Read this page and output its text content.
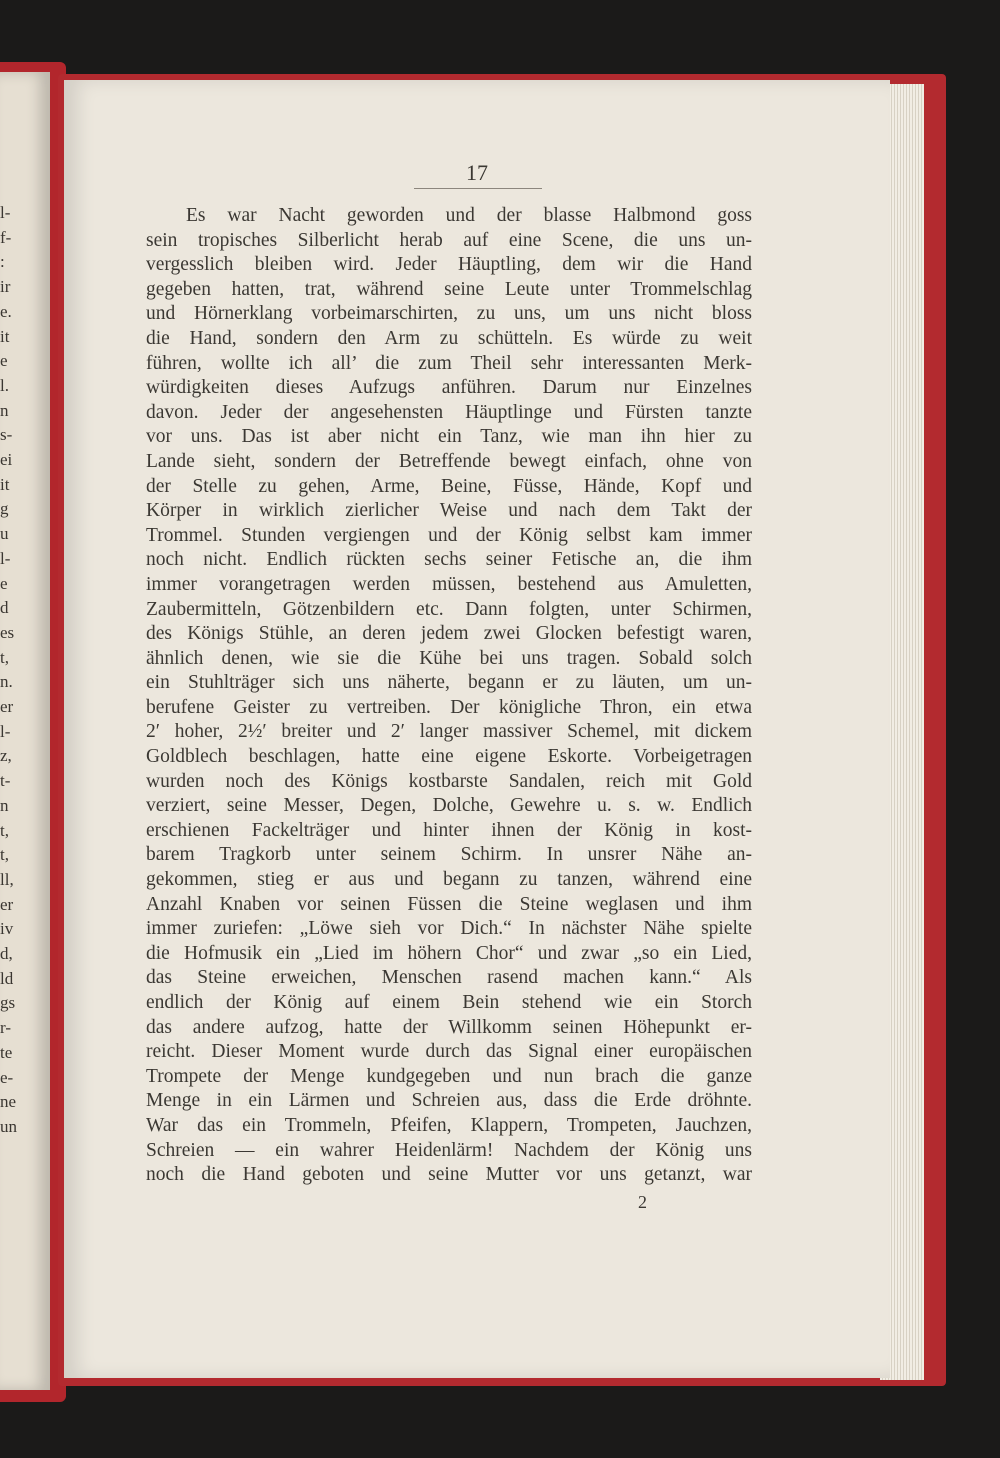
l-
f-
:
ir
e.
it
e
l.
n
s-
ei
it
g
u
l-
e
d
es
t,
n.
er
l-
z,
t-
n
t,
t,
ll,
er
iv
d,
ld
gs
r-
te
e-
ne
un
17
Es war Nacht geworden und der blasse Halbmond goss
sein tropisches Silberlicht herab auf eine Scene, die uns un-
vergesslich bleiben wird. Jeder Häuptling, dem wir die Hand
gegeben hatten, trat, während seine Leute unter Trommelschlag
und Hörnerklang vorbeimarschirten, zu uns, um uns nicht bloss
die Hand, sondern den Arm zu schütteln. Es würde zu weit
führen, wollte ich all’ die zum Theil sehr interessanten Merk-
würdigkeiten dieses Aufzugs anführen. Darum nur Einzelnes
davon. Jeder der angesehensten Häuptlinge und Fürsten tanzte
vor uns. Das ist aber nicht ein Tanz, wie man ihn hier zu
Lande sieht, sondern der Betreffende bewegt einfach, ohne von
der Stelle zu gehen, Arme, Beine, Füsse, Hände, Kopf und
Körper in wirklich zierlicher Weise und nach dem Takt der
Trommel. Stunden vergiengen und der König selbst kam immer
noch nicht. Endlich rückten sechs seiner Fetische an, die ihm
immer vorangetragen werden müssen, bestehend aus Amuletten,
Zaubermitteln, Götzenbildern etc. Dann folgten, unter Schirmen,
des Königs Stühle, an deren jedem zwei Glocken befestigt waren,
ähnlich denen, wie sie die Kühe bei uns tragen. Sobald solch
ein Stuhlträger sich uns näherte, begann er zu läuten, um un-
berufene Geister zu vertreiben. Der königliche Thron, ein etwa
2′ hoher, 2½′ breiter und 2′ langer massiver Schemel, mit dickem
Goldblech beschlagen, hatte eine eigene Eskorte. Vorbeigetragen
wurden noch des Königs kostbarste Sandalen, reich mit Gold
verziert, seine Messer, Degen, Dolche, Gewehre u. s. w. Endlich
erschienen Fackelträger und hinter ihnen der König in kost-
barem Tragkorb unter seinem Schirm. In unsrer Nähe an-
gekommen, stieg er aus und begann zu tanzen, während eine
Anzahl Knaben vor seinen Füssen die Steine weglasen und ihm
immer zuriefen: „Löwe sieh vor Dich.“ In nächster Nähe spielte
die Hofmusik ein „Lied im höhern Chor“ und zwar „so ein Lied,
das Steine erweichen, Menschen rasend machen kann.“ Als
endlich der König auf einem Bein stehend wie ein Storch
das andere aufzog, hatte der Willkomm seinen Höhepunkt er-
reicht. Dieser Moment wurde durch das Signal einer europäischen
Trompete der Menge kundgegeben und nun brach die ganze
Menge in ein Lärmen und Schreien aus, dass die Erde dröhnte.
War das ein Trommeln, Pfeifen, Klappern, Trompeten, Jauchzen,
Schreien — ein wahrer Heidenlärm! Nachdem der König uns
noch die Hand geboten und seine Mutter vor uns getanzt, war
2
